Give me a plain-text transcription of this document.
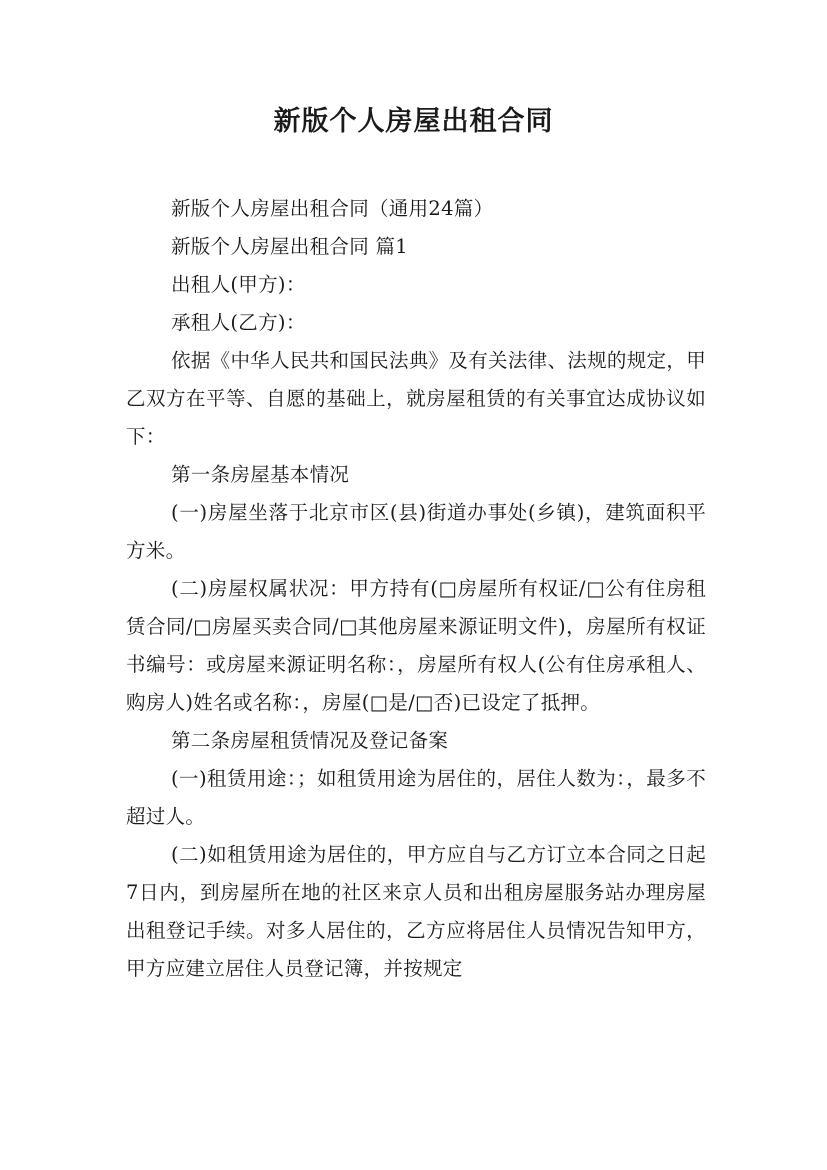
新版个人房屋出租合同

新版个人房屋出租合同（通用24篇）

新版个人房屋出租合同 篇1

出租人(甲方)：

承租人(乙方)：

依据《中华人民共和国民法典》及有关法律、法规的规定，甲乙双方在平等、自愿的基础上，就房屋租赁的有关事宜达成协议如下：

第一条房屋基本情况

(一)房屋坐落于北京市区(县)街道办事处(乡镇)，建筑面积平方米。

(二)房屋权属状况：甲方持有(□房屋所有权证/□公有住房租赁合同/□房屋买卖合同/□其他房屋来源证明文件)，房屋所有权证书编号：或房屋来源证明名称：，房屋所有权人(公有住房承租人、购房人)姓名或名称：，房屋(□是/□否)已设定了抵押。

第二条房屋租赁情况及登记备案

(一)租赁用途：；如租赁用途为居住的，居住人数为：，最多不超过人。

(二)如租赁用途为居住的，甲方应自与乙方订立本合同之日起7日内，到房屋所在地的社区来京人员和出租房屋服务站办理房屋出租登记手续。对多人居住的，乙方应将居住人员情况告知甲方，甲方应建立居住人员登记簿，并按规定
